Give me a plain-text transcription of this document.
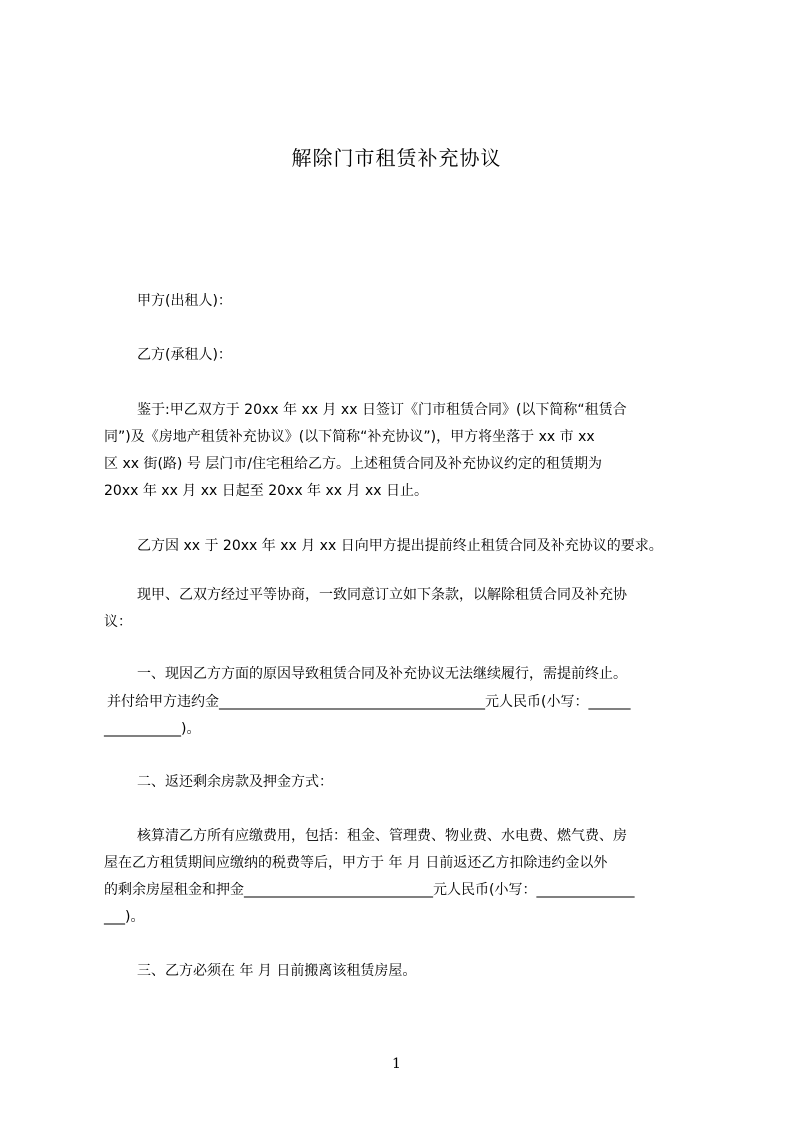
解除门市租赁补充协议
甲方(出租人)：
乙方(承租人)：
鉴于:甲乙双方于 20xx 年 xx 月 xx 日签订《门市租赁合同》(以下简称“租赁合
同”)及《房地产租赁补充协议》(以下简称“补充协议”)，甲方将坐落于 xx 市 xx
区 xx 街(路) 号 层门市/住宅租给乙方。上述租赁合同及补充协议约定的租赁期为
20xx 年 xx 月 xx 日起至 20xx 年 xx 月 xx 日止。
乙方因 xx 于 20xx 年 xx 月 xx 日向甲方提出提前终止租赁合同及补充协议的要求。
现甲、乙双方经过平等协商，一致同意订立如下条款，以解除租赁合同及补充协
议：
一、现因乙方方面的原因导致租赁合同及补充协议无法继续履行，需提前终止。
并付给甲方违约金______________________________________元人民币(小写：______
___________)。
二、返还剩余房款及押金方式：
核算清乙方所有应缴费用，包括：租金、管理费、物业费、水电费、燃气费、房
屋在乙方租赁期间应缴纳的税费等后，甲方于 年 月 日前返还乙方扣除违约金以外
的剩余房屋租金和押金___________________________元人民币(小写：______________
___)。
三、乙方必须在 年 月 日前搬离该租赁房屋。
1
